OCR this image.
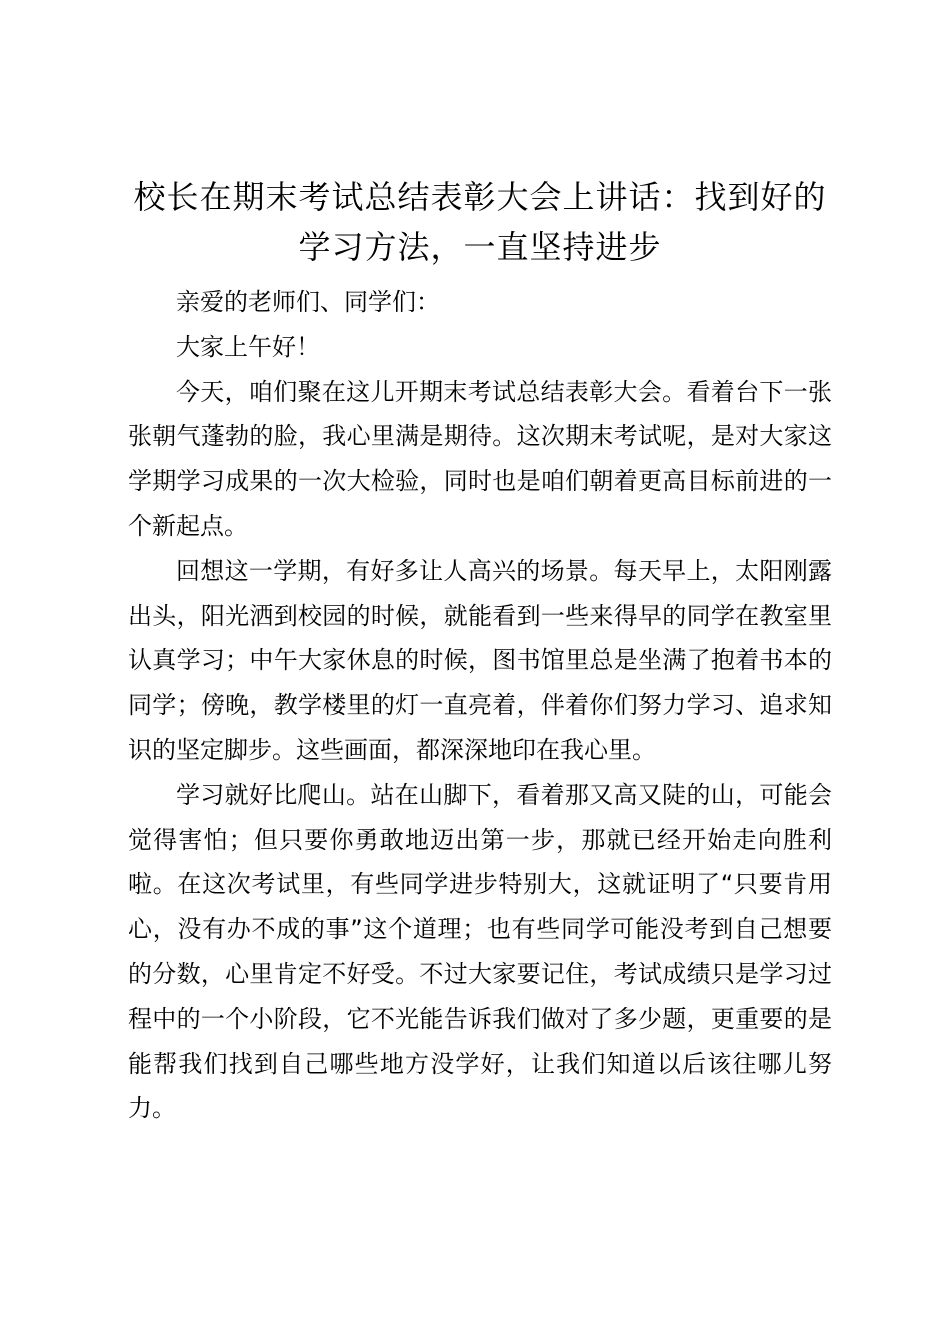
校长在期末考试总结表彰大会上讲话：找到好的学习方法，一直坚持进步

亲爱的老师们、同学们：

大家上午好！

今天，咱们聚在这儿开期末考试总结表彰大会。看着台下一张张朝气蓬勃的脸，我心里满是期待。这次期末考试呢，是对大家这学期学习成果的一次大检验，同时也是咱们朝着更高目标前进的一个新起点。

回想这一学期，有好多让人高兴的场景。每天早上，太阳刚露出头，阳光洒到校园的时候，就能看到一些来得早的同学在教室里认真学习；中午大家休息的时候，图书馆里总是坐满了抱着书本的同学；傍晚，教学楼里的灯一直亮着，伴着你们努力学习、追求知识的坚定脚步。这些画面，都深深地印在我心里。

学习就好比爬山。站在山脚下，看着那又高又陡的山，可能会觉得害怕；但只要你勇敢地迈出第一步，那就已经开始走向胜利啦。在这次考试里，有些同学进步特别大，这就证明了“只要肯用心，没有办不成的事”这个道理；也有些同学可能没考到自己想要的分数，心里肯定不好受。不过大家要记住，考试成绩只是学习过程中的一个小阶段，它不光能告诉我们做对了多少题，更重要的是能帮我们找到自己哪些地方没学好，让我们知道以后该往哪儿努力。
